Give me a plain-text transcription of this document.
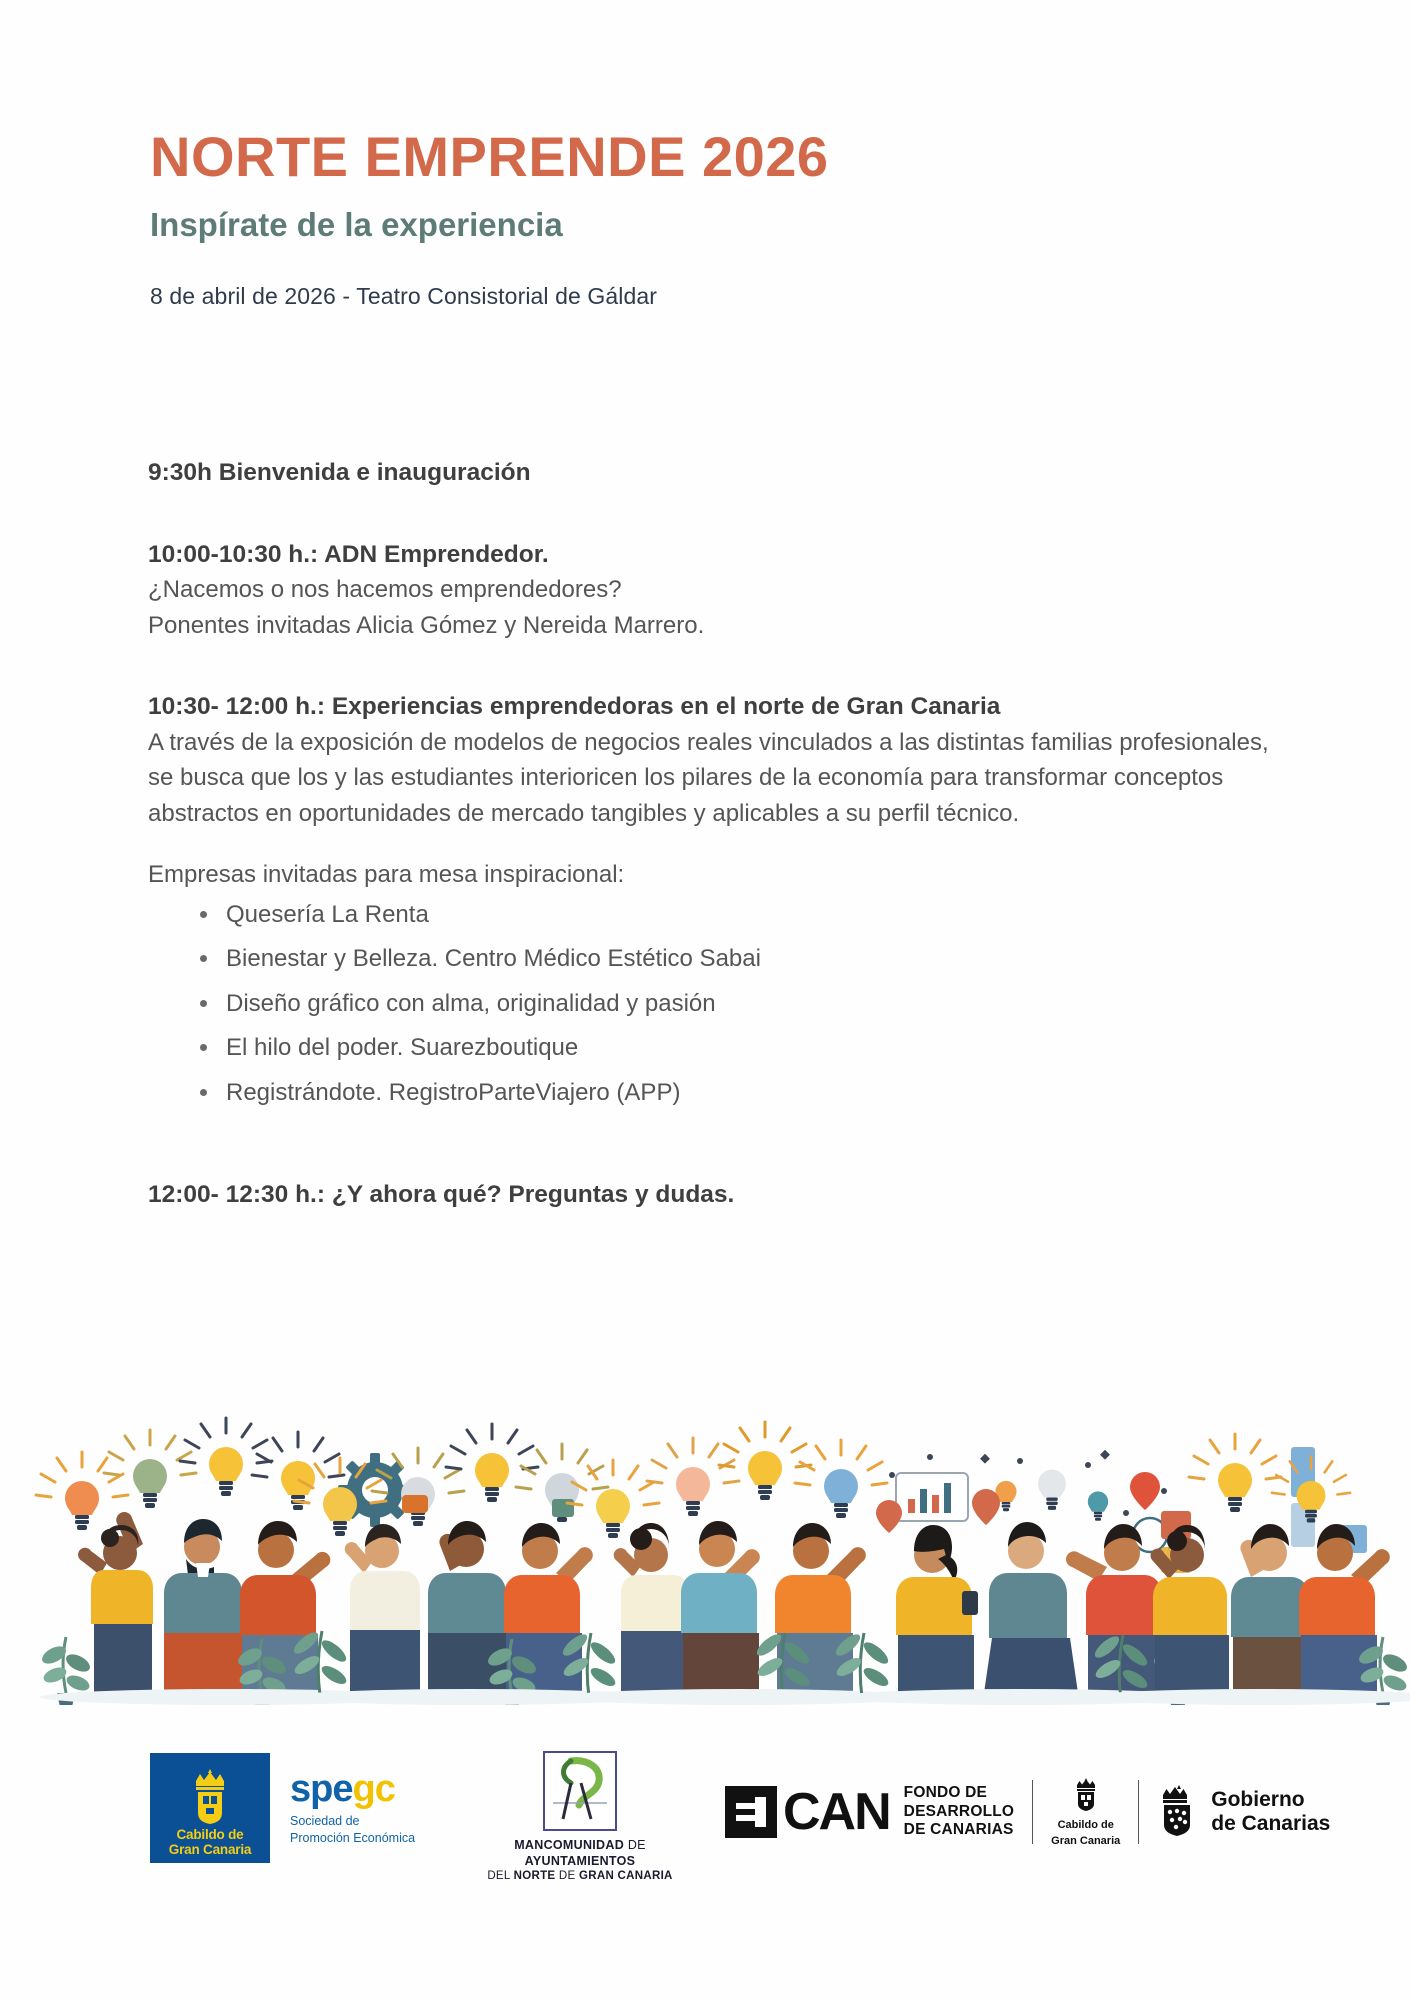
NORTE EMPRENDE 2026
Inspírate de la experiencia

8 de abril de 2026 - Teatro Consistorial de Gáldar

9:30h Bienvenida e inauguración

10:00-10:30 h.: ADN Emprendedor.

¿Nacemos o nos hacemos emprendedores?

Ponentes invitadas Alicia Gómez y Nereida Marrero.

10:30- 12:00 h.: Experiencias emprendedoras en el norte de Gran Canaria

A través de la exposición de modelos de negocios reales vinculados a las distintas familias profesionales, se busca que los y las estudiantes interioricen los pilares de la economía para transformar conceptos abstractos en oportunidades de mercado tangibles y aplicables a su perfil técnico.

Empresas invitadas para mesa inspiracional:

Quesería La Renta
Bienestar y Belleza. Centro Médico Estético Sabai
Diseño gráfico con alma, originalidad y pasión
El hilo del poder. Suarezboutique
Registrándote. RegistroParteViajero (APP)

12:00- 12:30 h.: ¿Y ahora qué? Preguntas y dudas.

Cabildo de
Gran Canaria
spegc
Sociedad de
Promoción Económica
MANCOMUNIDAD DE AYUNTAMIENTOS
DEL NORTE DE GRAN CANARIA
CAN FONDO DE
DESARROLLO
DE CANARIAS	Cabildo de
Gran Canaria
Gobierno
de Canarias
